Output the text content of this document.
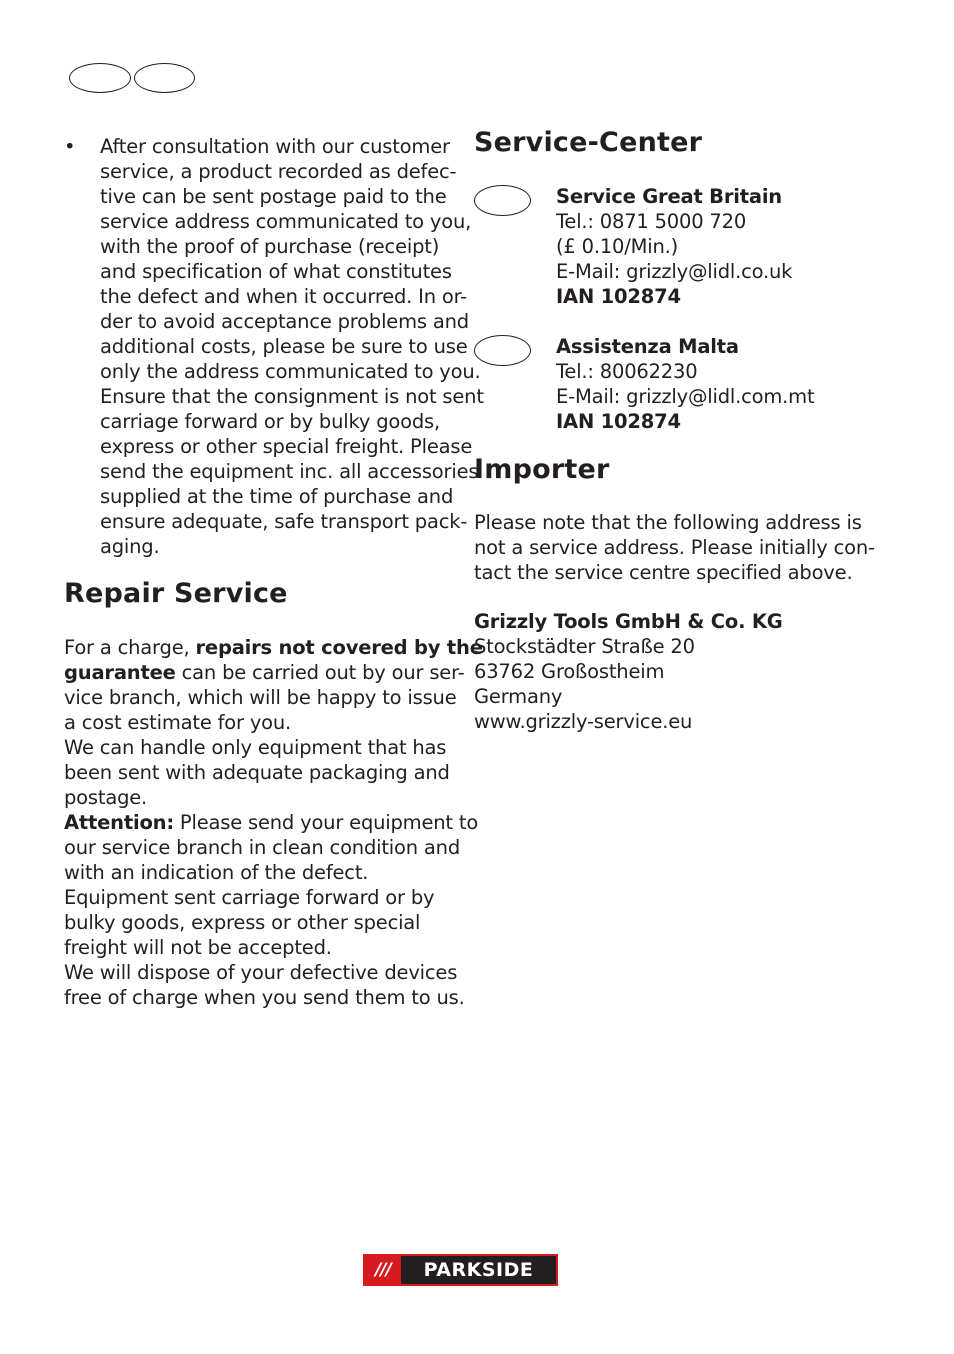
• After consultation with our customer
service, a product recorded as defec-
tive can be sent postage paid to the
service address communicated to you,
with the proof of purchase (receipt)
and specification of what constitutes
the defect and when it occurred. In or-
der to avoid acceptance problems and
additional costs, please be sure to use
only the address communicated to you.
Ensure that the consignment is not sent
carriage forward or by bulky goods,
express or other special freight. Please
send the equipment inc. all accessories
supplied at the time of purchase and
ensure adequate, safe transport pack-
aging.
Repair Service
For a charge, repairs not covered by the
guarantee can be carried out by our ser-
vice branch, which will be happy to issue
a cost estimate for you.
We can handle only equipment that has
been sent with adequate packaging and
postage.
Attention: Please send your equipment to
our service branch in clean condition and
with an indication of the defect.
Equipment sent carriage forward or by
bulky goods, express or other special
freight will not be accepted.
We will dispose of your defective devices
free of charge when you send them to us.
Service-Center
Service Great Britain
Tel.: 0871 5000 720
(£ 0.10/Min.)
E-Mail: grizzly@lidl.co.uk
IAN 102874
Assistenza Malta
Tel.: 80062230
E-Mail: grizzly@lidl.com.mt
IAN 102874
Importer
Please note that the following address is
not a service address. Please initially con-
tact the service centre specified above.
Grizzly Tools GmbH & Co. KG
Stockstädter Straße 20
63762 Großostheim
Germany
www.grizzly-service.eu
///	PARKSIDE
